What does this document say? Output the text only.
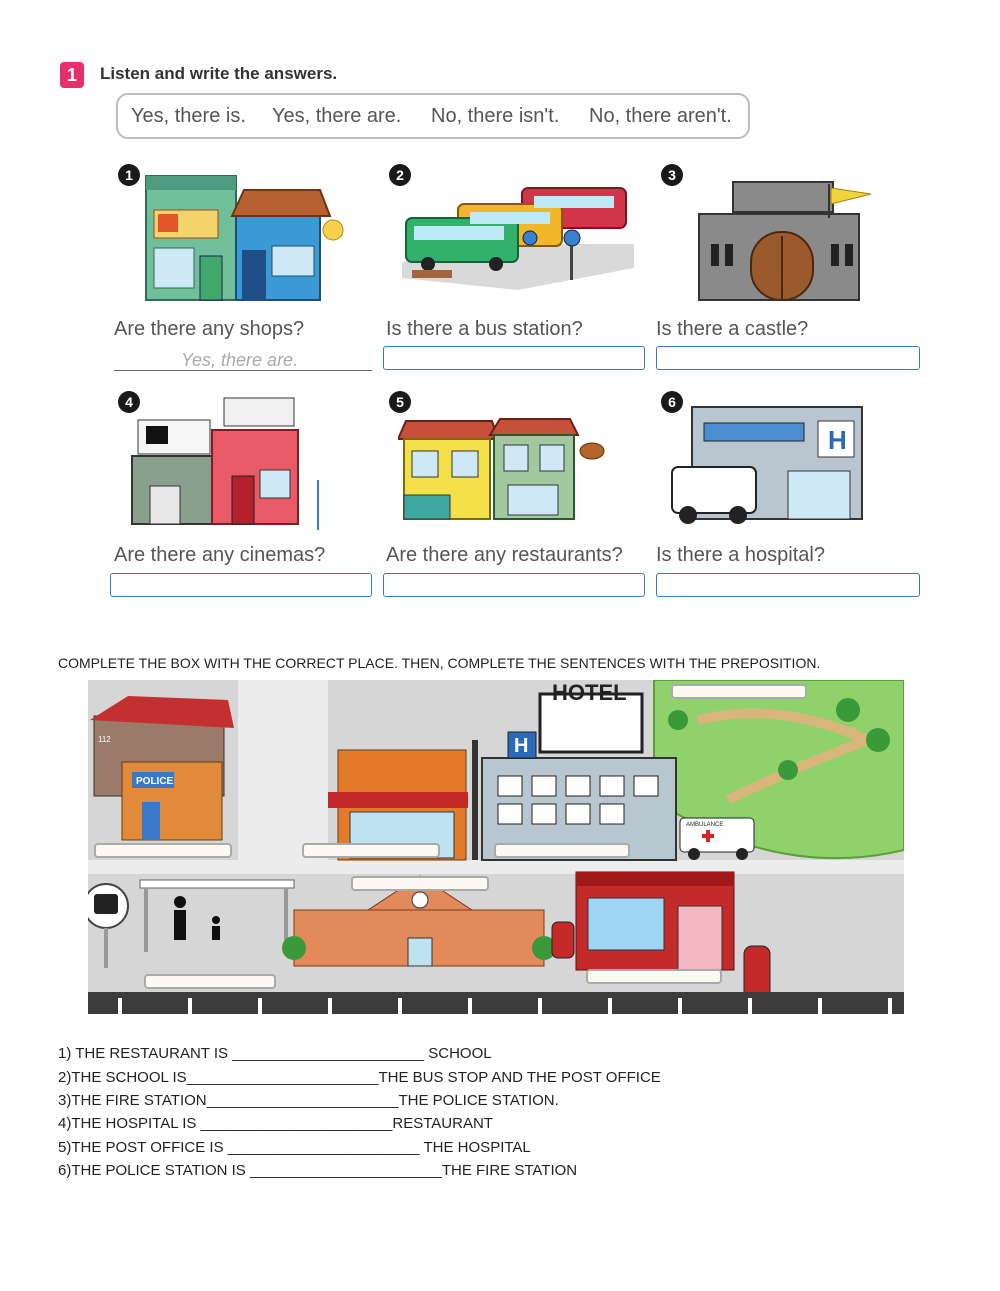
1	Listen and write the answers.
Yes, there is. Yes, there are. No, there isn't. No, there aren't.
1	2	3
4	5	6
Are there any shops?	Is there a bus station?	Is there a castle?
Yes, there are.
H
Are there any cinemas?	Are there any restaurants? Is there a hospital?
COMPLETE THE BOX WITH THE CORRECT PLACE. THEN, COMPLETE THE SENTENCES WITH THE PREPOSITION.
POLICE
112
HOTEL
H
AMBULANCE
1) THE RESTAURANT IS _______________________ SCHOOL
2)THE SCHOOL IS_______________________THE BUS STOP AND THE POST OFFICE
3)THE FIRE STATION_______________________THE POLICE STATION.
4)THE HOSPITAL IS _______________________RESTAURANT
5)THE POST OFFICE IS _______________________ THE HOSPITAL
6)THE POLICE STATION IS _______________________THE FIRE STATION
